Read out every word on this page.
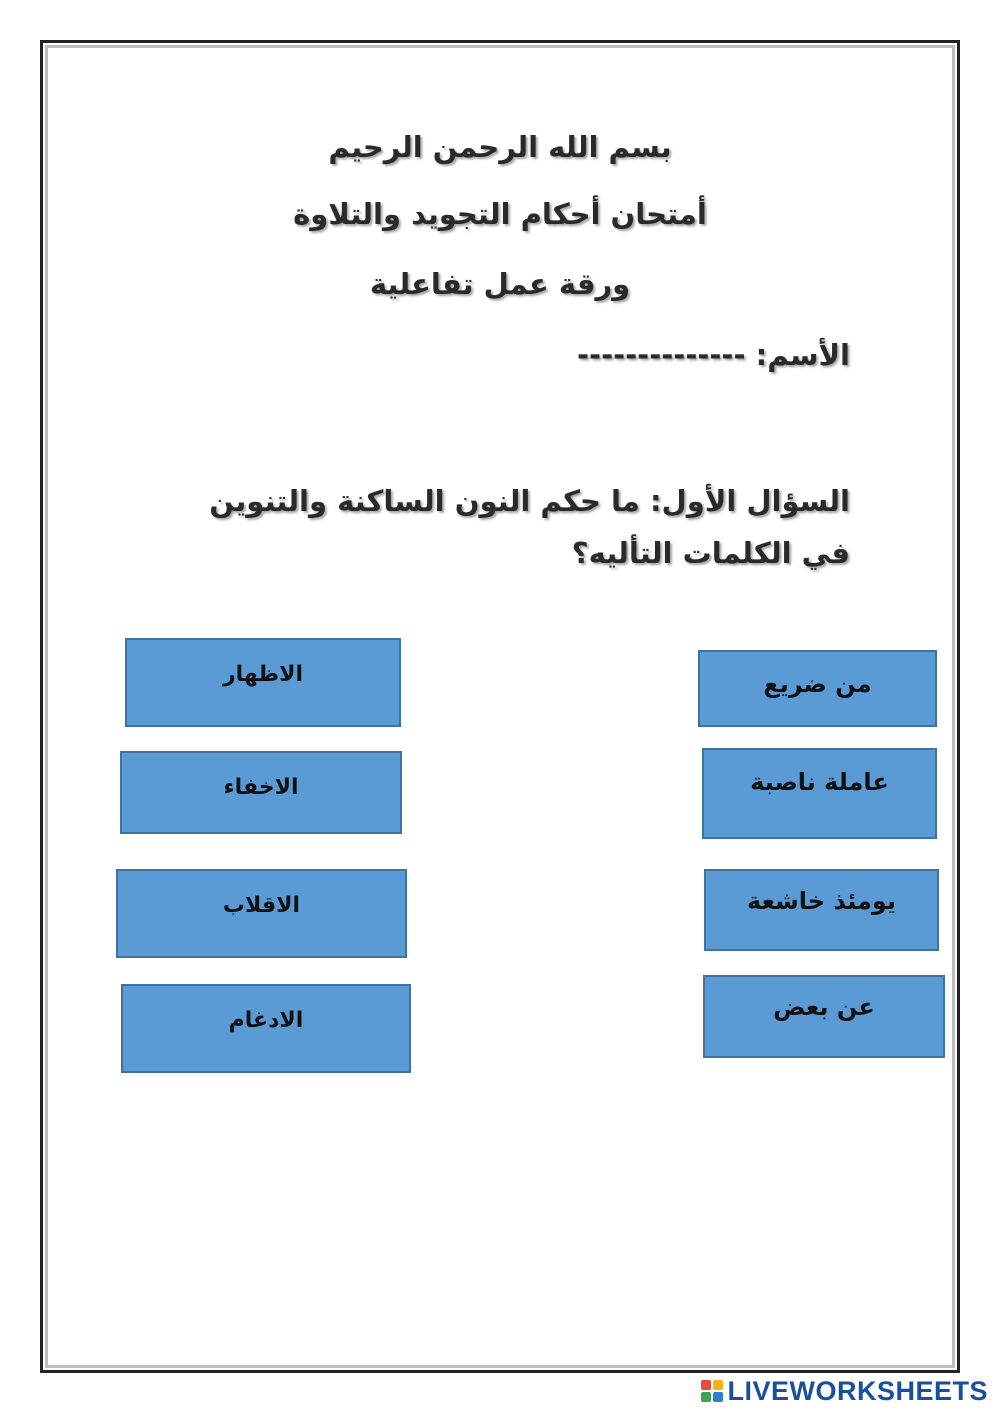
بسم الله الرحمن الرحيم
أمتحان أحكام التجويد والتلاوة
ورقة عمل تفاعلية
الأسم: --------------
السؤال الأول: ما حكم النون الساكنة والتنوين في الكلمات التأليه؟
الاظهار
الاخفاء
الاقلاب
الادغام
من ضريع
عاملة ناصبة
يومئذ خاشعة
عن بعض
LIVEWORKSHEETS
